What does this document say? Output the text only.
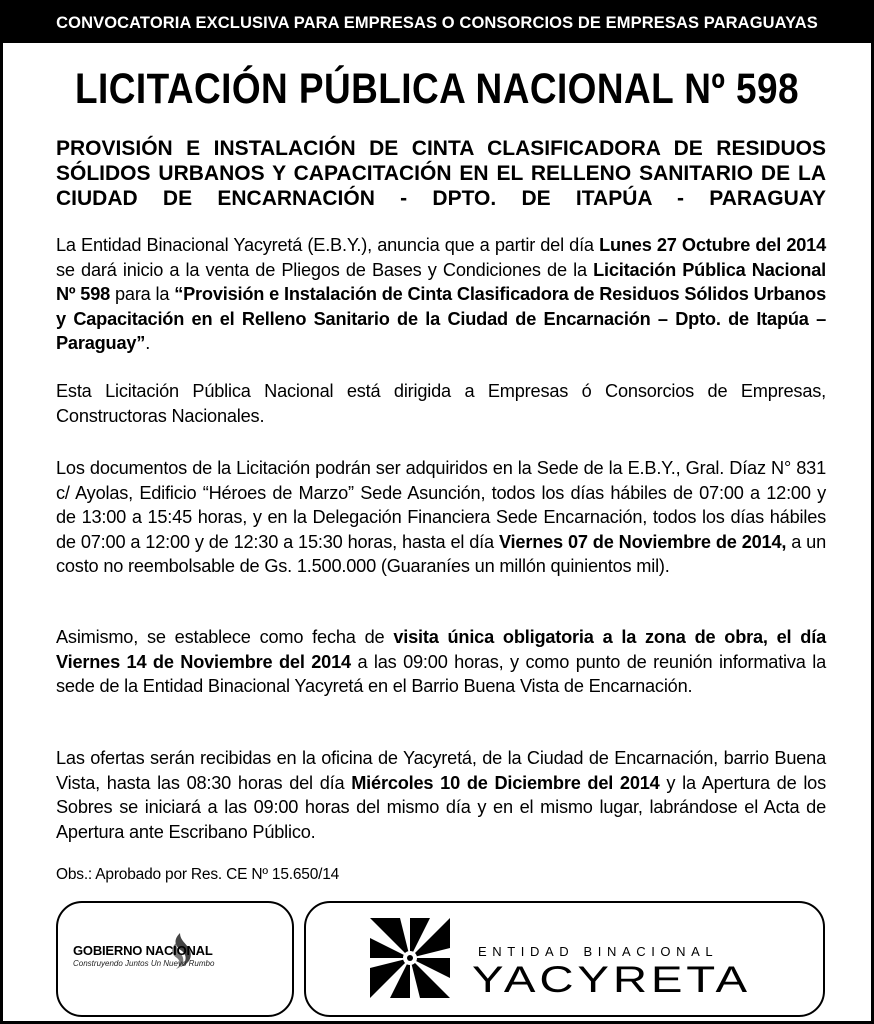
CONVOCATORIA EXCLUSIVA PARA EMPRESAS O CONSORCIOS DE EMPRESAS PARAGUAYAS
LICITACIÓN PÚBLICA NACIONAL Nº 598
PROVISIÓN E INSTALACIÓN DE CINTA CLASIFICADORA DE RESIDUOS
SÓLIDOS URBANOS Y CAPACITACIÓN EN EL RELLENO SANITARIO DE LA
CIUDAD DE ENCARNACIÓN - DPTO. DE ITAPÚA - PARAGUAY
La Entidad Binacional Yacyretá (E.B.Y.), anuncia que a partir del día Lunes 27 Octubre del 2014 se dará inicio a la venta de Pliegos de Bases y Condiciones de la Licitación Pública Nacional Nº 598 para la “Provisión e Instalación de Cinta Clasificadora de Residuos Sólidos Urbanos y Capacitación en el Relleno Sanitario de la Ciudad de Encarnación – Dpto. de Itapúa – Paraguay”.
Esta Licitación Pública Nacional está dirigida a Empresas ó Consorcios de Empresas, Constructoras Nacionales.
Los documentos de la Licitación podrán ser adquiridos en la Sede de la E.B.Y., Gral. Díaz N° 831 c/ Ayolas, Edificio “Héroes de Marzo” Sede Asunción, todos los días hábiles de 07:00 a 12:00 y de 13:00 a 15:45 horas, y en la Delegación Financiera Sede Encarnación, todos los días hábiles de 07:00 a 12:00 y de 12:30 a 15:30 horas, hasta el día Viernes 07 de Noviembre de 2014, a un costo no reembolsable de Gs. 1.500.000 (Guaraníes un millón quinientos mil).
Asimismo, se establece como fecha de visita única obligatoria a la zona de obra, el día Viernes 14 de Noviembre del 2014 a las 09:00 horas, y como punto de reunión informativa la sede de la Entidad Binacional Yacyretá en el Barrio Buena Vista de Encarnación.
Las ofertas serán recibidas en la oficina de Yacyretá, de la Ciudad de Encarnación, barrio Buena Vista, hasta las 08:30 horas del día Miércoles 10 de Diciembre del 2014 y la Apertura de los Sobres se iniciará a las 09:00 horas del mismo día y en el mismo lugar, labrándose el Acta de Apertura ante Escribano Público.
Obs.: Aprobado por Res. CE Nº 15.650/14
GOBIERNO NACIONAL
Construyendo Juntos Un Nuevo Rumbo
ENTIDAD BINACIONAL
YACYRETA
